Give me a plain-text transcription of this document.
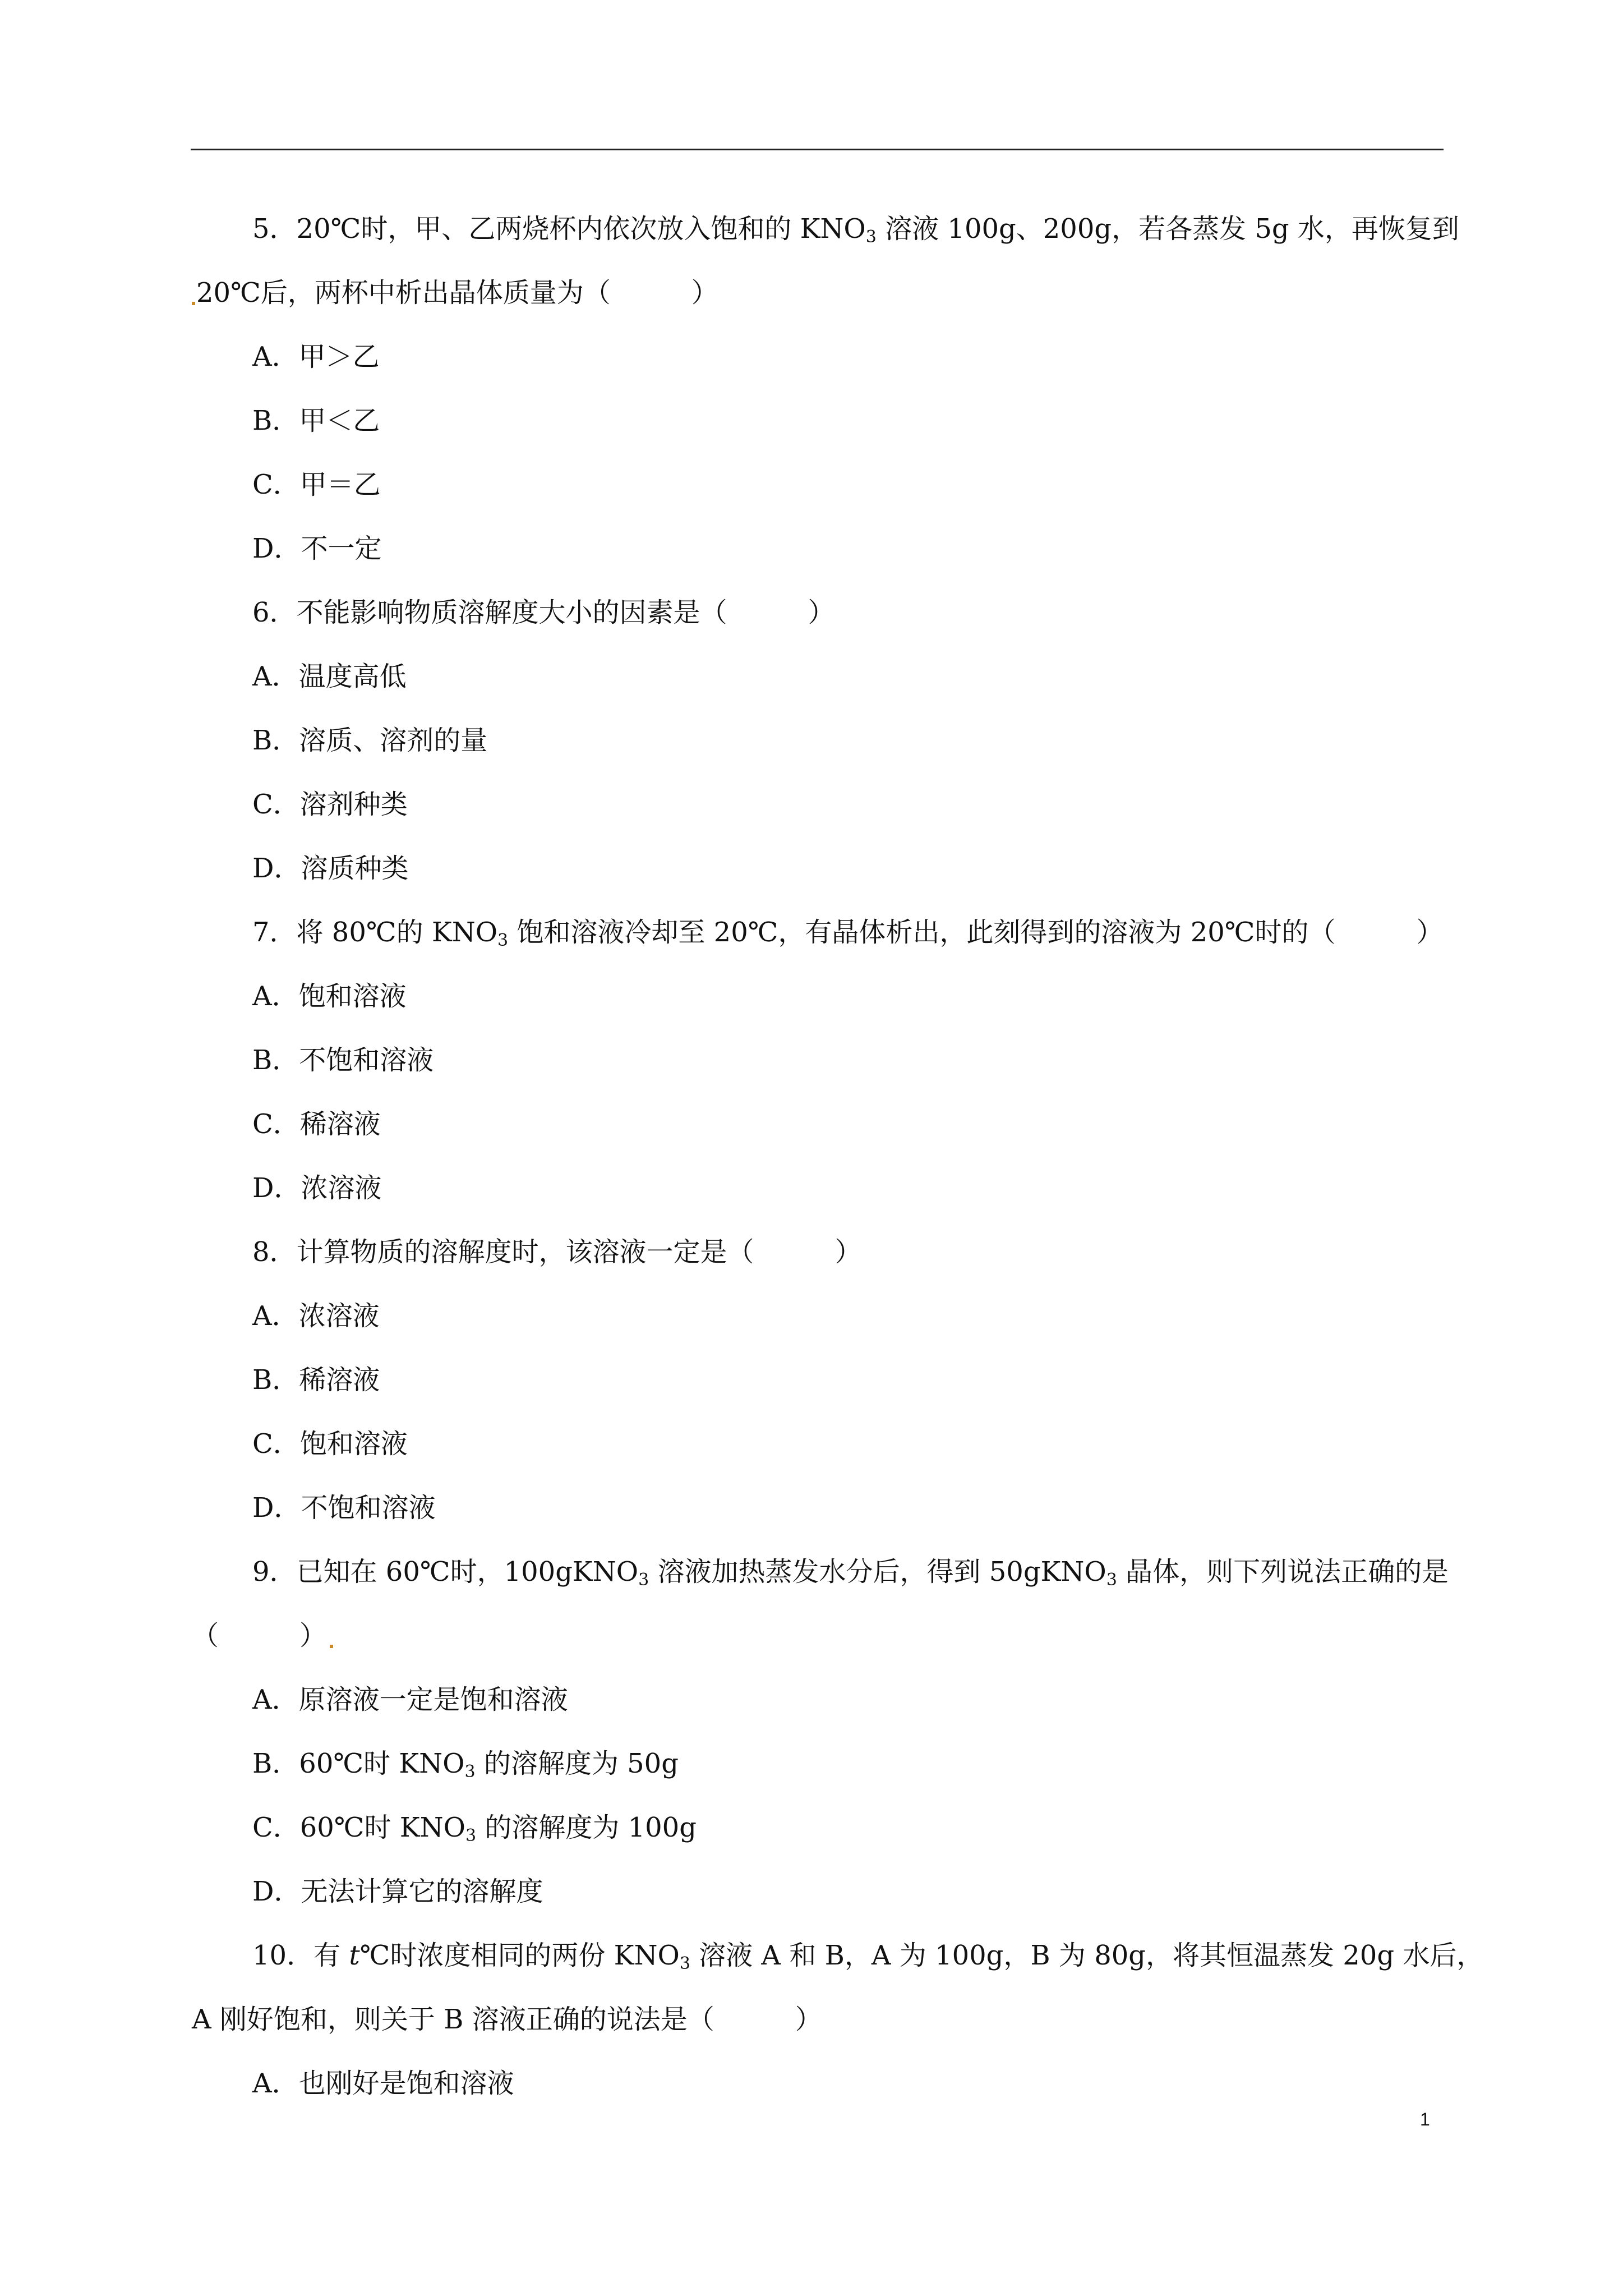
5．20℃时，甲、乙两烧杯内依次放入饱和的 $KNO_3$ 溶液 100g、200g，若各蒸发 5g 水，再恢复到
20℃后，两杯中析出晶体质量为（　　　）
A．甲＞乙
B．甲＜乙
C．甲＝乙
D．不一定
6．不能影响物质溶解度大小的因素是（　　　）
A．温度高低
B．溶质、溶剂的量
C．溶剂种类
D．溶质种类
7．将 80℃的 $KNO_3$ 饱和溶液冷却至 20℃，有晶体析出，此刻得到的溶液为 20℃时的（　　　）
A．饱和溶液
B．不饱和溶液
C．稀溶液
D．浓溶液
8．计算物质的溶解度时，该溶液一定是（　　　）
A．浓溶液
B．稀溶液
C．饱和溶液
D．不饱和溶液
9．已知在 60℃时，100gKNO$_3$ 溶液加热蒸发水分后，得到 50gKNO$_3$ 晶体，则下列说法正确的是
（　　　）
A．原溶液一定是饱和溶液
B．60℃时 $KNO_3$ 的溶解度为 50g
C．60℃时 $KNO_3$ 的溶解度为 100g
D．无法计算它的溶解度
10．有 t℃时浓度相同的两份 $KNO_3$ 溶液 A 和 B，A 为 100g，B 为 80g，将其恒温蒸发 20g 水后，
A 刚好饱和，则关于 B 溶液正确的说法是（　　　）
A．也刚好是饱和溶液
1
